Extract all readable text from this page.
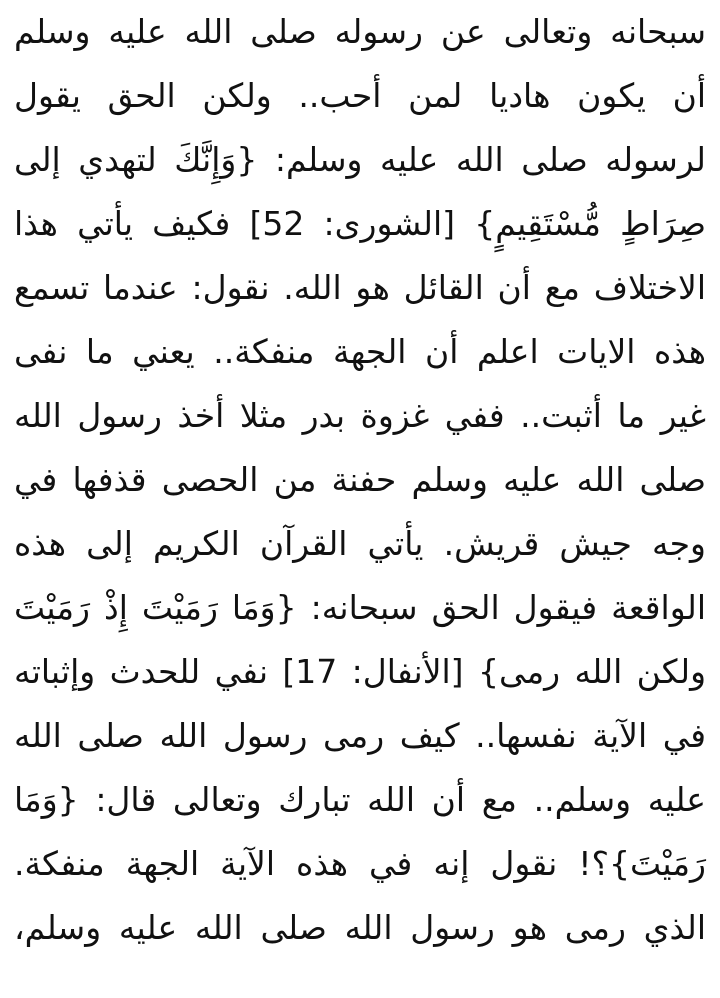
سبحانه وتعالى عن رسوله صلى الله عليه وسلم
أن يكون هاديا لمن أحب.. ولكن الحق يقول
لرسوله صلى الله عليه وسلم: {وَإِنَّكَ لتهدي إلى
صِرَاطٍ مُّسْتَقِيمٍ} [الشورى: 52] فكيف يأتي هذا
الاختلاف مع أن القائل هو الله. نقول: عندما تسمع
هذه الايات اعلم أن الجهة منفكة.. يعني ما نفى
غير ما أثبت.. ففي غزوة بدر مثلا أخذ رسول الله
صلى الله عليه وسلم حفنة من الحصى قذفها في
وجه جيش قريش. يأتي القرآن الكريم إلى هذه
الواقعة فيقول الحق سبحانه: {وَمَا رَمَيْتَ إِذْ رَمَيْتَ
ولكن الله رمى} [الأنفال: 17] نفي للحدث وإثباته
في الآية نفسها.. كيف رمى رسول الله صلى الله
عليه وسلم.. مع أن الله تبارك وتعالى قال: {وَمَا
رَمَيْتَ}؟! نقول إنه في هذه الآية الجهة منفكة.
الذي رمى هو رسول الله صلى الله عليه وسلم،
